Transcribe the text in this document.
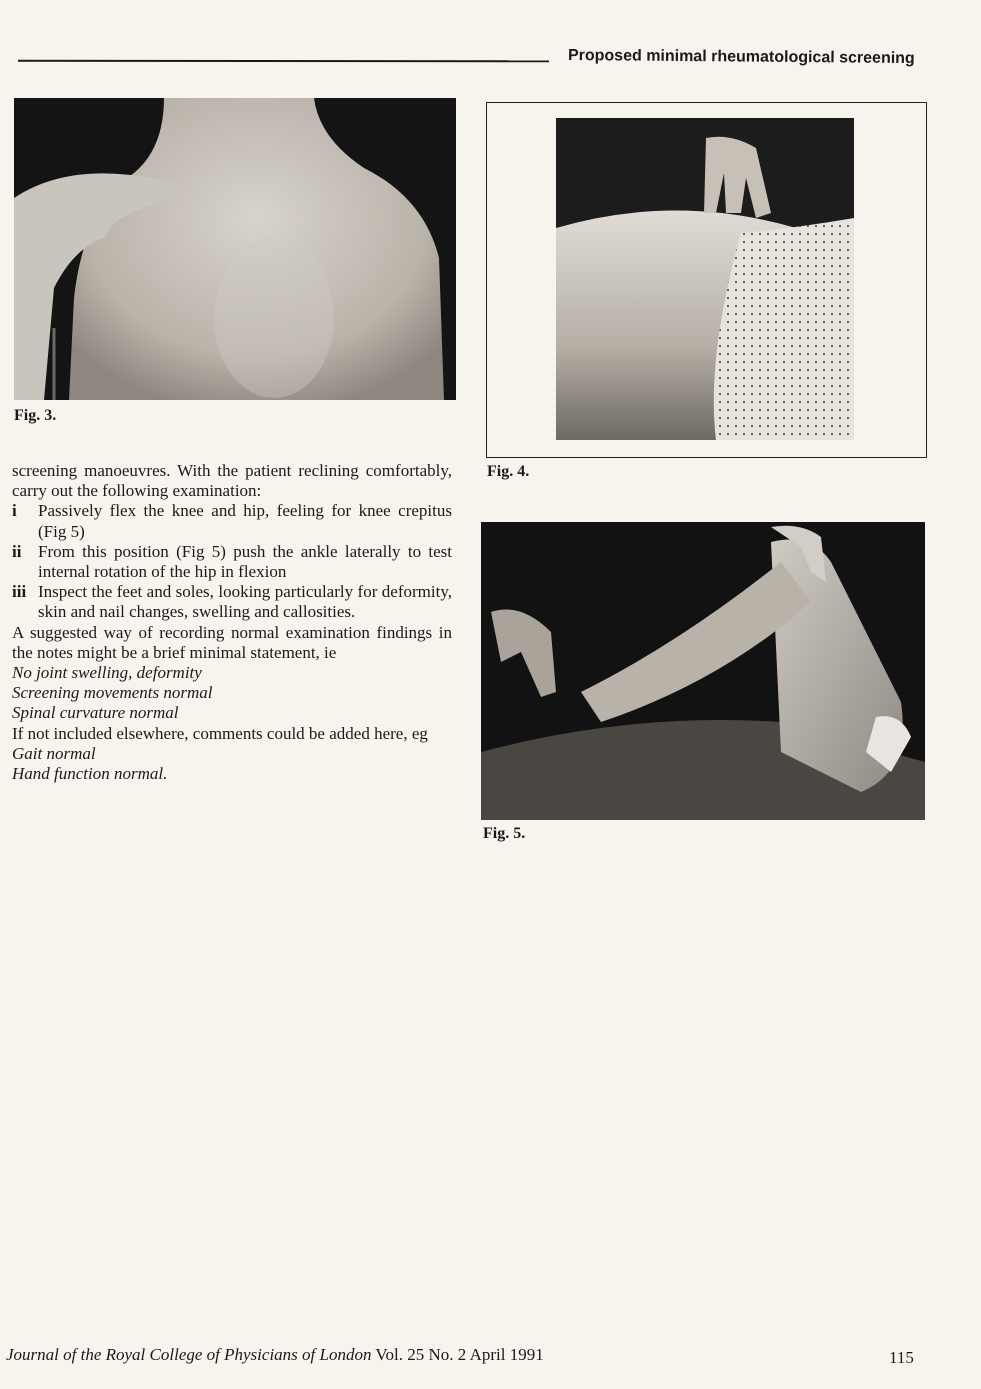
Proposed minimal rheumatological screening
Fig. 3.
Fig. 4.
Fig. 5.

screening manoeuvres. With the patient reclining comfortably, carry out the following examination:

i	Passively flex the knee and hip, feeling for knee crepitus (Fig 5)
ii From this position (Fig 5) push the ankle laterally to test internal rotation of the hip in flexion
iii Inspect the feet and soles, looking particularly for deformity, skin and nail changes, swelling and callosities.

A suggested way of recording normal examination findings in the notes might be a brief minimal statement, ie

No joint swelling, deformity

Screening movements normal

Spinal curvature normal

If not included elsewhere, comments could be added here, eg

Gait normal

Hand function normal.

Journal of the Royal College of Physicians of London Vol. 25 No. 2 April 1991	115
